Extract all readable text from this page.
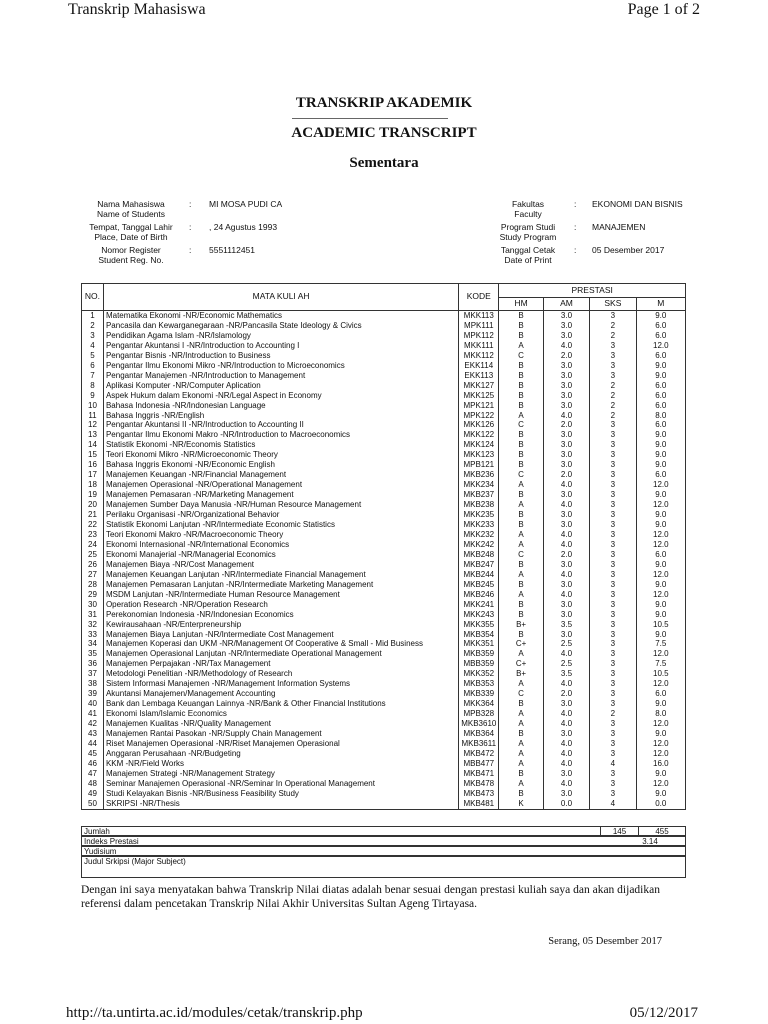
Transkrip Mahasiswa	Page 1 of 2
TRANSKRIP AKADEMIK
ACADEMIC TRANSCRIPT
Sementara
Nama Mahasiswa
Name of Students
:	MI MOSA PUDI CA
Tempat, Tanggal Lahir
Place, Date of Birth
:	, 24 Agustus 1993
Nomor Register
Student Reg. No.
:	5551112451
Fakultas
Faculty
:	EKONOMI DAN BISNIS
Program Studi
Study Program
:	MANAJEMEN
Tanggal Cetak
Date of Print
:	05 Desember 2017
NO.	MATA KULI AH	KODE	PRESTASI			
			HM	AM	SKS	M
1	Matematika Ekonomi -NR/Economic Mathematics	MKK113	B	3.0	3	9.0
2	Pancasila dan Kewarganegaraan -NR/Pancasila State Ideology & Civics	MPK111	B	3.0	2	6.0
3	Pendidikan Agama Islam -NR/Islamology	MPK112	B	3.0	2	6.0
4	Pengantar Akuntansi I -NR/Introduction to Accounting I	MKK111	A	4.0	3	12.0
5	Pengantar Bisnis -NR/Introduction to Business	MKK112	C	2.0	3	6.0
6	Pengantar Ilmu Ekonomi Mikro -NR/Introduction to Microeconomics	EKK114	B	3.0	3	9.0
7	Pengantar Manajemen -NR/Introduction to Management	EKK113	B	3.0	3	9.0
8	Aplikasi Komputer -NR/Computer Aplication	MKK127	B	3.0	2	6.0
9	Aspek Hukum dalam Ekonomi -NR/Legal Aspect in Economy	MKK125	B	3.0	2	6.0
10	Bahasa Indonesia -NR/Indonesian Language	MPK121	B	3.0	2	6.0
11	Bahasa Inggris -NR/English	MPK122	A	4.0	2	8.0
12	Pengantar Akuntansi II -NR/Introduction to Accounting II	MKK126	C	2.0	3	6.0
13	Pengantar Ilmu Ekonomi Makro -NR/Introduction to Macroeconomics	MKK122	B	3.0	3	9.0
14	Statistik Ekonomi -NR/Economis Statistics	MKK124	B	3.0	3	9.0
15	Teori Ekonomi Mikro -NR/Microeconomic Theory	MKK123	B	3.0	3	9.0
16	Bahasa Inggris Ekonomi -NR/Economic English	MPB121	B	3.0	3	9.0
17	Manajemen Keuangan -NR/Financial Management	MKB236	C	2.0	3	6.0
18	Manajemen Operasional -NR/Operational Management	MKK234	A	4.0	3	12.0
19	Manajemen Pemasaran -NR/Marketing Management	MKB237	B	3.0	3	9.0
20	Manajemen Sumber Daya Manusia -NR/Human Resource Management	MKB238	A	4.0	3	12.0
21	Perilaku Organisasi -NR/Organizational Behavior	MKK235	B	3.0	3	9.0
22	Statistik Ekonomi Lanjutan -NR/Intermediate Economic Statistics	MKK233	B	3.0	3	9.0
23	Teori Ekonomi Makro -NR/Macroeconomic Theory	MKK232	A	4.0	3	12.0
24	Ekonomi Internasional -NR/International Economics	MKK242	A	4.0	3	12.0
25	Ekonomi Manajerial -NR/Managerial Economics	MKB248	C	2.0	3	6.0
26	Manajemen Biaya -NR/Cost Management	MKB247	B	3.0	3	9.0
27	Manajemen Keuangan Lanjutan -NR/Intermediate Financial Management	MKB244	A	4.0	3	12.0
28	Manajemen Pemasaran Lanjutan -NR/Intermediate Marketing Management	MKB245	B	3.0	3	9.0
29	MSDM Lanjutan -NR/Intermediate Human Resource Management	MKB246	A	4.0	3	12.0
30	Operation Research -NR/Operation Research	MKK241	B	3.0	3	9.0
31	Perekonomian Indonesia -NR/Indonesian Economics	MKK243	B	3.0	3	9.0
32	Kewirausahaan -NR/Enterpreneurship	MKK355	B+	3.5	3	10.5
33	Manajemen Biaya Lanjutan -NR/Intermediate Cost Management	MKB354	B	3.0	3	9.0
34	Manajemen Koperasi dan UKM -NR/Management Of Cooperative & Small - Mid Business	MKK351	C+	2.5	3	7.5
35	Manajemen Operasional Lanjutan -NR/Intermediate Operational Management	MKB359	A	4.0	3	12.0
36	Manajemen Perpajakan -NR/Tax Management	MBB359	C+	2.5	3	7.5
37	Metodologi Penelitian -NR/Methodology of Research	MKK352	B+	3.5	3	10.5
38	Sistem Informasi Manajemen -NR/Management Information Systems	MKB353	A	4.0	3	12.0
39	Akuntansi Manajemen/Management Accounting	MKB339	C	2.0	3	6.0
40	Bank dan Lembaga Keuangan Lainnya -NR/Bank & Other Financial Institutions	MKK364	B	3.0	3	9.0
41	Ekonomi Islam/Islamic Economics	MPB328	A	4.0	2	8.0
42	Manajemen Kualitas -NR/Quality Management	MKB3610	A	4.0	3	12.0
43	Manajemen Rantai Pasokan -NR/Supply Chain Management	MKB364	B	3.0	3	9.0
44	Riset Manajemen Operasional -NR/Riset Manajemen Operasional	MKB3611	A	4.0	3	12.0
45	Anggaran Perusahaan -NR/Budgeting	MKB472	A	4.0	3	12.0
46	KKM -NR/Field Works	MBB477	A	4.0	4	16.0
47	Manajemen Strategi -NR/Management Strategy	MKB471	B	3.0	3	9.0
48	Seminar Manajemen Operasional -NR/Seminar In Operational Management	MKB478	A	4.0	3	12.0
49	Studi Kelayakan Bisnis -NR/Business Feasibility Study	MKB473	B	3.0	3	9.0
50	SKRIPSI -NR/Thesis	MKB481	K	0.0	4	0.0
Jumlah	145	455
Indeks Prestasi	3.14
Yudisium
Judul Srkipsi (Major Subject)
Dengan ini saya menyatakan bahwa Transkrip Nilai diatas adalah benar sesuai dengan prestasi kuliah saya dan akan dijadikan referensi dalam pencetakan Transkrip Nilai Akhir Universitas Sultan Ageng Tirtayasa.
Serang, 05 Desember 2017
http://ta.untirta.ac.id/modules/cetak/transkrip.php	05/12/2017
